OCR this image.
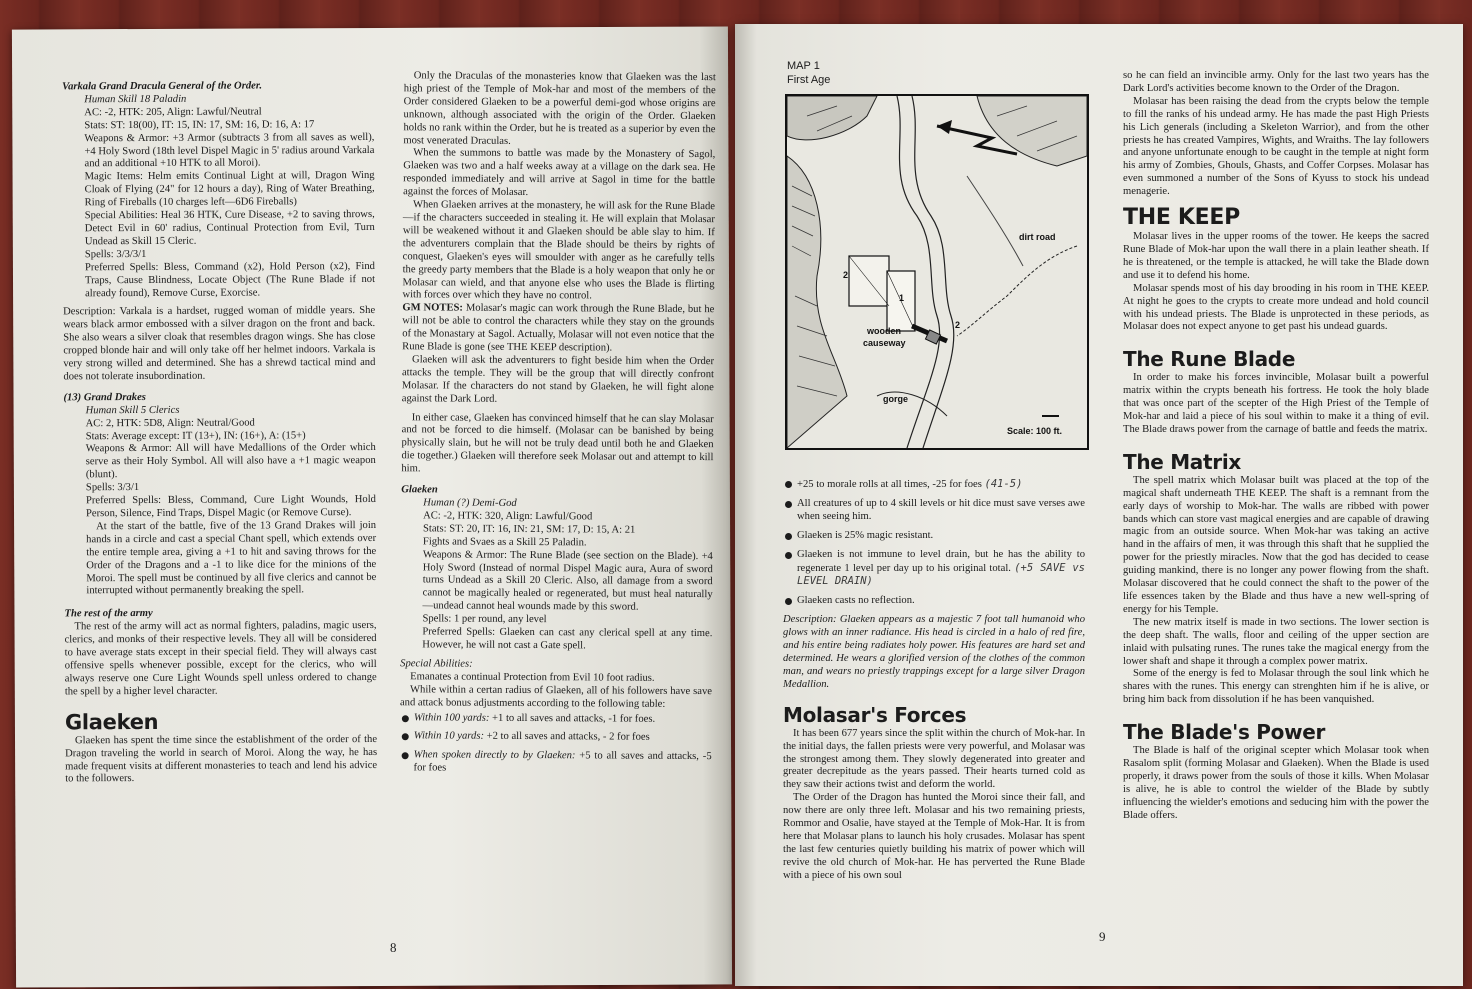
Varkala Grand Dracula General of the Order.

Human Skill 18 Paladin

AC: -2, HTK: 205, Align: Lawful/Neutral

Stats: ST: 18(00), IT: 15, IN: 17, SM: 16, D: 16, A: 17

Weapons & Armor: +3 Armor (subtracts 3 from all saves as well), +4 Holy Sword (18th level Dispel Magic in 5' radius around Varkala and an additional +10 HTK to all Moroi).

Magic Items: Helm emits Continual Light at will, Dragon Wing Cloak of Flying (24" for 12 hours a day), Ring of Water Breathing, Ring of Fireballs (10 charges left—6D6 Fireballs)

Special Abilities: Heal 36 HTK, Cure Disease, +2 to saving throws, Detect Evil in 60' radius, Continual Protection from Evil, Turn Undead as Skill 15 Cleric.

Spells: 3/3/3/1

Preferred Spells: Bless, Command (x2), Hold Person (x2), Find Traps, Cause Blindness, Locate Object (The Rune Blade if not already found), Remove Curse, Exorcise.

Description: Varkala is a hardset, rugged woman of middle years. She wears black armor embossed with a silver dragon on the front and back. She also wears a silver cloak that resembles dragon wings. She has close cropped blonde hair and will only take off her helmet indoors. Varkala is very strong willed and determined. She has a shrewd tactical mind and does not tolerate insubordination.

(13) Grand Drakes

Human Skill 5 Clerics

AC: 2, HTK: 5D8, Align: Neutral/Good

Stats: Average except: IT (13+), IN: (16+), A: (15+)

Weapons & Armor: All will have Medallions of the Order which serve as their Holy Symbol. All will also have a +1 magic weapon (blunt).

Spells: 3/3/1

Preferred Spells: Bless, Command, Cure Light Wounds, Hold Person, Silence, Find Traps, Dispel Magic (or Remove Curse).

At the start of the battle, five of the 13 Grand Drakes will join hands in a circle and cast a special Chant spell, which extends over the entire temple area, giving a +1 to hit and saving throws for the Order of the Dragons and a -1 to like dice for the minions of the Moroi. The spell must be continued by all five clerics and cannot be interrupted without permanently breaking the spell.

The rest of the army

The rest of the army will act as normal fighters, paladins, magic users, clerics, and monks of their respective levels. They all will be considered to have average stats except in their special field. They will always cast offensive spells whenever possible, except for the clerics, who will always reserve one Cure Light Wounds spell unless ordered to change the spell by a higher level character.

Glaeken

Glaeken has spent the time since the establishment of the order of the Dragon traveling the world in search of Moroi. Along the way, he has made frequent visits at different monasteries to teach and lend his advice to the followers.

Only the Draculas of the monasteries know that Glaeken was the last high priest of the Temple of Mok-har and most of the members of the Order considered Glaeken to be a powerful demi-god whose origins are unknown, although associated with the origin of the Order. Glaeken holds no rank within the Order, but he is treated as a superior by even the most venerated Draculas.

When the summons to battle was made by the Monastery of Sagol, Glaeken was two and a half weeks away at a village on the dark sea. He responded immediately and will arrive at Sagol in time for the battle against the forces of Molasar.

When Glaeken arrives at the monastery, he will ask for the Rune Blade—if the characters succeeded in stealing it. He will explain that Molasar will be weakened without it and Glaeken should be able slay to him. If the adventurers complain that the Blade should be theirs by rights of conquest, Glaeken's eyes will smoulder with anger as he carefully tells the greedy party members that the Blade is a holy weapon that only he or Molasar can wield, and that anyone else who uses the Blade is flirting with forces over which they have no control.

GM NOTES: Molasar's magic can work through the Rune Blade, but he will not be able to control the characters while they stay on the grounds of the Monastary at Sagol. Actually, Molasar will not even notice that the Rune Blade is gone (see THE KEEP description).

Glaeken will ask the adventurers to fight beside him when the Order attacks the temple. They will be the group that will directly confront Molasar. If the characters do not stand by Glaeken, he will fight alone against the Dark Lord.

In either case, Glaeken has convinced himself that he can slay Molasar and not be forced to die himself. (Molasar can be banished by being physically slain, but he will not be truly dead until both he and Glaeken die together.) Glaeken will therefore seek Molasar out and attempt to kill him.

Glaeken

Human (?) Demi-God

AC: -2, HTK: 320, Align: Lawful/Good

Stats: ST: 20, IT: 16, IN: 21, SM: 17, D: 15, A: 21

Fights and Svaes as a Skill 25 Paladin.

Weapons & Armor: The Rune Blade (see section on the Blade). +4 Holy Sword (Instead of normal Dispel Magic aura, Aura of sword turns Undead as a Skill 20 Cleric. Also, all damage from a sword cannot be magically healed or regenerated, but must heal naturally—undead cannot heal wounds made by this sword.

Spells: 1 per round, any level

Preferred Spells: Glaeken can cast any clerical spell at any time. However, he will not cast a Gate spell.

Special Abilities:

Emanates a continual Protection from Evil 10 foot radius.

While within a certan radius of Glaeken, all of his followers have save and attack bonus adjustments according to the following table:

Within 100 yards: +1 to all saves and attacks, -1 for foes.
Within 10 yards: +2 to all saves and attacks, - 2 for foes
When spoken directly to by Glaeken: +5 to all saves and attacks, -5 for foes
8
MAP 1
First Age
dirt road
wooden
causeway
gorge
Scale: 100 ft.
1
2
2
+25 to morale rolls at all times, -25 for foes (41-5)
All creatures of up to 4 skill levels or hit dice must save verses awe when seeing him.
Glaeken is 25% magic resistant.
Glaeken is not immune to level drain, but he has the ability to regenerate 1 level per day up to his original total. (+5 SAVE vs LEVEL DRAIN)
Glaeken casts no reflection.

Description: Glaeken appears as a majestic 7 foot tall humanoid who glows with an inner radiance. His head is circled in a halo of red fire, and his entire being radiates holy power. His features are hard set and determined. He wears a glorified version of the clothes of the common man, and wears no priestly trappings except for a large silver Dragon Medallion.

Molasar's Forces

It has been 677 years since the split within the church of Mok-har. In the initial days, the fallen priests were very powerful, and Molasar was the strongest among them. They slowly degenerated into greater and greater decrepitude as the years passed. Their hearts turned cold as they saw their actions twist and deform the world.

The Order of the Dragon has hunted the Moroi since their fall, and now there are only three left. Molasar and his two remaining priests, Rommor and Osalie, have stayed at the Temple of Mok-Har. It is from here that Molasar plans to launch his holy crusades. Molasar has spent the last few centuries quietly building his matrix of power which will revive the old church of Mok-har. He has perverted the Rune Blade with a piece of his own soul

so he can field an invincible army. Only for the last two years has the Dark Lord's activities become known to the Order of the Dragon.

Molasar has been raising the dead from the crypts below the temple to fill the ranks of his undead army. He has made the past High Priests his Lich generals (including a Skeleton Warrior), and from the other priests he has created Vampires, Wights, and Wraiths. The lay followers and anyone unfortunate enough to be caught in the temple at night form his army of Zombies, Ghouls, Ghasts, and Coffer Corpses. Molasar has even summoned a number of the Sons of Kyuss to stock his undead menagerie.

THE KEEP

Molasar lives in the upper rooms of the tower. He keeps the sacred Rune Blade of Mok-har upon the wall there in a plain leather sheath. If he is threatened, or the temple is attacked, he will take the Blade down and use it to defend his home.

Molasar spends most of his day brooding in his room in THE KEEP. At night he goes to the crypts to create more undead and hold council with his undead priests. The Blade is unprotected in these periods, as Molasar does not expect anyone to get past his undead guards.

The Rune Blade

In order to make his forces invincible, Molasar built a powerful matrix within the crypts beneath his fortress. He took the holy blade that was once part of the scepter of the High Priest of the Temple of Mok-har and laid a piece of his soul within to make it a thing of evil. The Blade draws power from the carnage of battle and feeds the matrix.

The Matrix

The spell matrix which Molasar built was placed at the top of the magical shaft underneath THE KEEP. The shaft is a remnant from the early days of worship to Mok-har. The walls are ribbed with power bands which can store vast magical energies and are capable of drawing magic from an outside source. When Mok-har was taking an active hand in the affairs of men, it was through this shaft that he supplied the power for the priestly miracles. Now that the god has decided to cease guiding mankind, there is no longer any power flowing from the shaft. Molasar discovered that he could connect the shaft to the power of the life essences taken by the Blade and thus have a new well-spring of energy for his Temple.

The new matrix itself is made in two sections. The lower section is the deep shaft. The walls, floor and ceiling of the upper section are inlaid with pulsating runes. The runes take the magical energy from the lower shaft and shape it through a complex power matrix.

Some of the energy is fed to Molasar through the soul link which he shares with the runes. This energy can strenghten him if he is alive, or bring him back from dissolution if he has been vanquished.

The Blade's Power

The Blade is half of the original scepter which Molasar took when Rasalom split (forming Molasar and Glaeken). When the Blade is used properly, it draws power from the souls of those it kills. When Molasar is alive, he is able to control the wielder of the Blade by subtly influencing the wielder's emotions and seducing him with the power the Blade offers.

9
